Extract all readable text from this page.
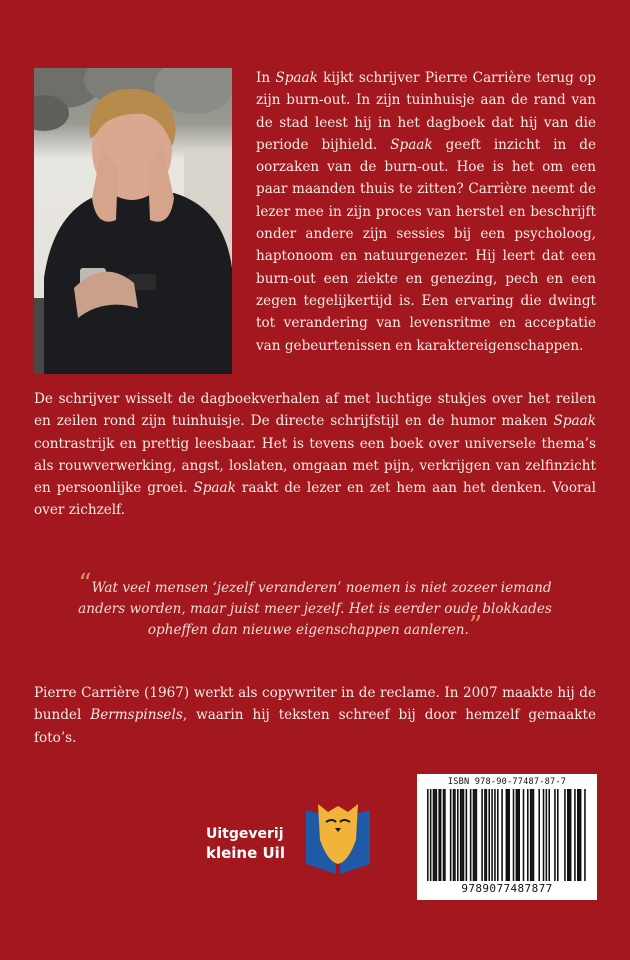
In Spaak kijkt schrijver Pierre Carrière terug op zijn burn-out. In zijn tuinhuisje aan de rand van de stad leest hij in het dagboek dat hij van die periode bijhield. Spaak geeft inzicht in de oorzaken van de burn-out. Hoe is het om een paar maanden thuis te zitten? Carrière neemt de lezer mee in zijn proces van herstel en beschrijft onder andere zijn sessies bij een psycholoog, haptonoom en natuurgenezer. Hij leert dat een burn-out een ziekte en genezing, pech en een zegen tegelijkertijd is. Een ervaring die dwingt tot verandering van levensritme en acceptatie van gebeurtenissen en karaktereigenschappen.

De schrijver wisselt de dagboekverhalen af met luchtige stukjes over het reilen en zeilen rond zijn tuinhuisje. De directe schrijfstijl en de humor maken Spaak contrastrijk en prettig leesbaar. Het is tevens een boek over universele thema’s als rouwverwerking, angst, loslaten, omgaan met pijn, verkrijgen van zelfinzicht en persoonlijke groei. Spaak raakt de lezer en zet hem aan het denken. Vooral over zichzelf.

“Wat veel mensen ‘jezelf veranderen’ noemen is niet zozeer iemand anders worden, maar juist meer jezelf. Het is eerder oude blokkades opheffen dan nieuwe eigenschappen aanleren.”

Pierre Carrière (1967) werkt als copywriter in de reclame. In 2007 maakte hij de bundel Bermspinsels, waarin hij teksten schreef bij door hemzelf gemaakte foto’s.

Uitgeverij
kleine Uil
ISBN 978-90-77487-87-7
9789077487877
